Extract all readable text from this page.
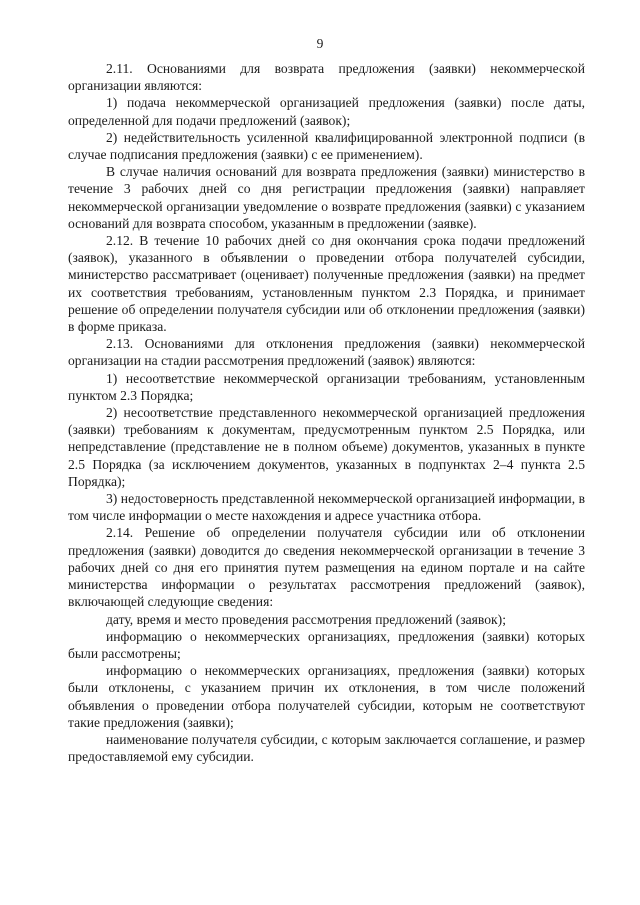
9

2.11. Основаниями для возврата предложения (заявки) некоммерческой организации являются:

1) подача некоммерческой организацией предложения (заявки) после даты, определенной для подачи предложений (заявок);

2) недействительность усиленной квалифицированной электронной подписи (в случае подписания предложения (заявки) с ее применением).

В случае наличия оснований для возврата предложения (заявки) министерство в течение 3 рабочих дней со дня регистрации предложения (заявки) направляет некоммерческой организации уведомление о возврате предложения (заявки) с указанием оснований для возврата способом, указанным в предложении (заявке).

2.12. В течение 10 рабочих дней со дня окончания срока подачи предложений (заявок), указанного в объявлении о проведении отбора получателей субсидии, министерство рассматривает (оценивает) полученные предложения (заявки) на предмет их соответствия требованиям, установленным пунктом 2.3 Порядка, и принимает решение об определении получателя субсидии или об отклонении предложения (заявки) в форме приказа.

2.13. Основаниями для отклонения предложения (заявки) некоммерческой организации на стадии рассмотрения предложений (заявок) являются:

1) несоответствие некоммерческой организации требованиям, установленным пунктом 2.3 Порядка;

2) несоответствие представленного некоммерческой организацией предложения (заявки) требованиям к документам, предусмотренным пунктом 2.5 Порядка, или непредставление (представление не в полном объеме) документов, указанных в пункте 2.5 Порядка (за исключением документов, указанных в подпунктах 2–4 пункта 2.5 Порядка);

3) недостоверность представленной некоммерческой организацией информации, в том числе информации о месте нахождения и адресе участника отбора.

2.14. Решение об определении получателя субсидии или об отклонении предложения (заявки) доводится до сведения некоммерческой организации в течение 3 рабочих дней со дня его принятия путем размещения на едином портале и на сайте министерства информации о результатах рассмотрения предложений (заявок), включающей следующие сведения:

дату, время и место проведения рассмотрения предложений (заявок);

информацию о некоммерческих организациях, предложения (заявки) которых были рассмотрены;

информацию о некоммерческих организациях, предложения (заявки) которых были отклонены, с указанием причин их отклонения, в том числе положений объявления о проведении отбора получателей субсидии, которым не соответствуют такие предложения (заявки);

наименование получателя субсидии, с которым заключается соглашение, и размер предоставляемой ему субсидии.
